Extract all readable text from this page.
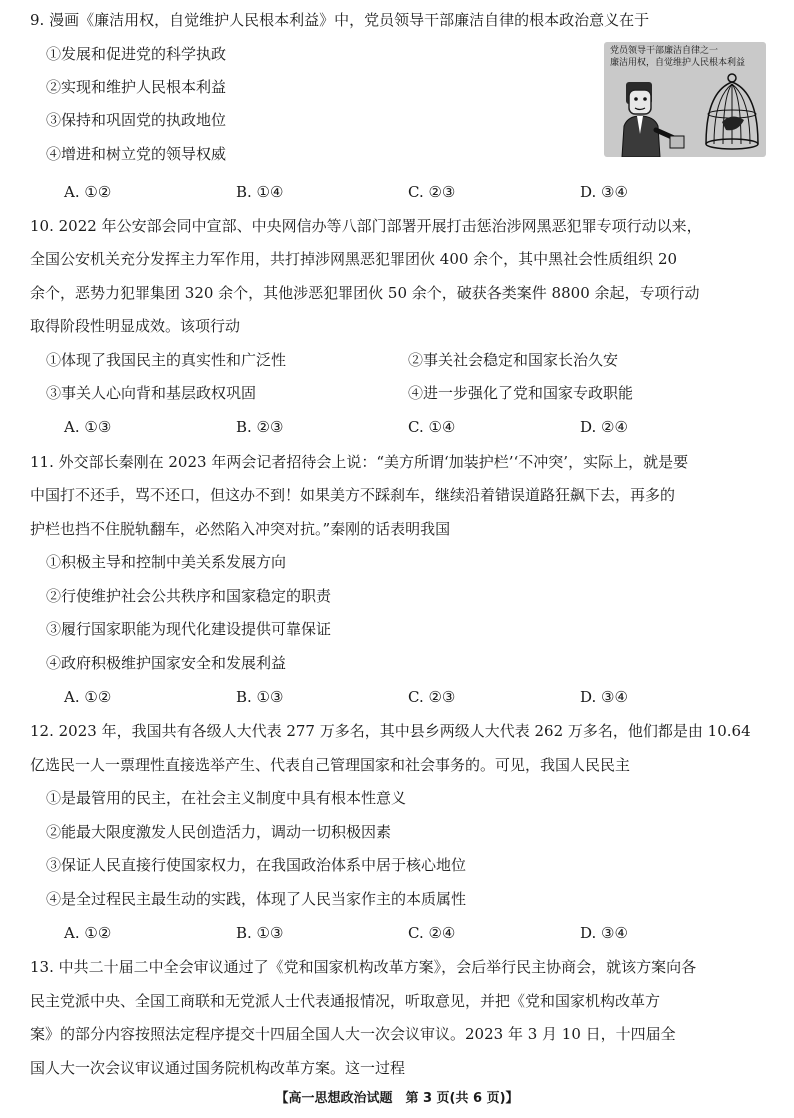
9. 漫画《廉洁用权，自觉维护人民根本利益》中，党员领导干部廉洁自律的根本政治意义在于
①发展和促进党的科学执政
②实现和维护人民根本利益
③保持和巩固党的执政地位
④增进和树立党的领导权威
党员领导干部廉洁自律之一
廉洁用权，自觉维护人民根本利益
A. ①②	B. ①④	C. ②③	D. ③④
10. 2022 年公安部会同中宣部、中央网信办等八部门部署开展打击惩治涉网黑恶犯罪专项行动以来，
全国公安机关充分发挥主力军作用，共打掉涉网黑恶犯罪团伙 400 余个，其中黑社会性质组织 20
余个，恶势力犯罪集团 320 余个，其他涉恶犯罪团伙 50 余个，破获各类案件 8800 余起，专项行动
取得阶段性明显成效。该项行动
①体现了我国民主的真实性和广泛性	②事关社会稳定和国家长治久安
③事关人心向背和基层政权巩固	④进一步强化了党和国家专政职能
A. ①③	B. ②③	C. ①④	D. ②④
11. 外交部长秦刚在 2023 年两会记者招待会上说：“美方所谓‘加装护栏’‘不冲突’，实际上，就是要
中国打不还手，骂不还口，但这办不到！如果美方不踩刹车，继续沿着错误道路狂飙下去，再多的
护栏也挡不住脱轨翻车，必然陷入冲突对抗。”秦刚的话表明我国
①积极主导和控制中美关系发展方向
②行使维护社会公共秩序和国家稳定的职责
③履行国家职能为现代化建设提供可靠保证
④政府积极维护国家安全和发展利益
A. ①②	B. ①③	C. ②③	D. ③④
12. 2023 年，我国共有各级人大代表 277 万多名，其中县乡两级人大代表 262 万多名，他们都是由 10.64
亿选民一人一票理性直接选举产生、代表自己管理国家和社会事务的。可见，我国人民民主
①是最管用的民主，在社会主义制度中具有根本性意义
②能最大限度激发人民创造活力，调动一切积极因素
③保证人民直接行使国家权力，在我国政治体系中居于核心地位
④是全过程民主最生动的实践，体现了人民当家作主的本质属性
A. ①②	B. ①③	C. ②④	D. ③④
13. 中共二十届二中全会审议通过了《党和国家机构改革方案》，会后举行民主协商会，就该方案向各
民主党派中央、全国工商联和无党派人士代表通报情况，听取意见，并把《党和国家机构改革方
案》的部分内容按照法定程序提交十四届全国人大一次会议审议。2023 年 3 月 10 日，十四届全
国人大一次会议审议通过国务院机构改革方案。这一过程
【高一思想政治试题　第 3 页(共 6 页)】
